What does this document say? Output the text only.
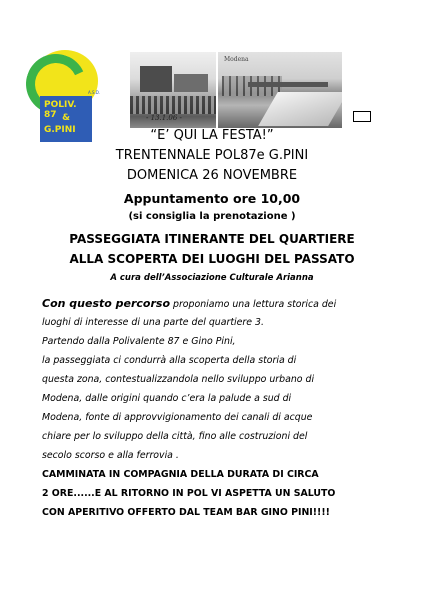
A.S.D.
POLIV. 87 &
G.PINI
- 13.1.06 -
Modena
“E’ QUI LA FESTA!”
TRENTENNALE POL87e G.PINI
DOMENICA 26 NOVEMBRE
Appuntamento ore 10,00
(si consiglia la prenotazione )
PASSEGGIATA ITINERANTE DEL QUARTIERE
ALLA SCOPERTA DEI LUOGHI DEL PASSATO
A cura dell’Associazione Culturale Arianna
Con questo percorso proponiamo una lettura storica dei
luoghi di interesse di una parte del quartiere 3.
Partendo dalla Polivalente 87 e Gino Pini,
la passeggiata ci condurrà alla scoperta della storia di
questa zona, contestualizzandola nello sviluppo urbano di
Modena, dalle origini quando c’era la palude a sud di
Modena, fonte di approvvigionamento dei canali di acque
chiare per lo sviluppo della città, fino alle costruzioni del
secolo scorso e alla ferrovia .
CAMMINATA IN COMPAGNIA DELLA DURATA DI CIRCA
2 ORE......E AL RITORNO IN POL VI ASPETTA UN SALUTO
CON APERITIVO OFFERTO DAL TEAM BAR GINO PINI!!!!
